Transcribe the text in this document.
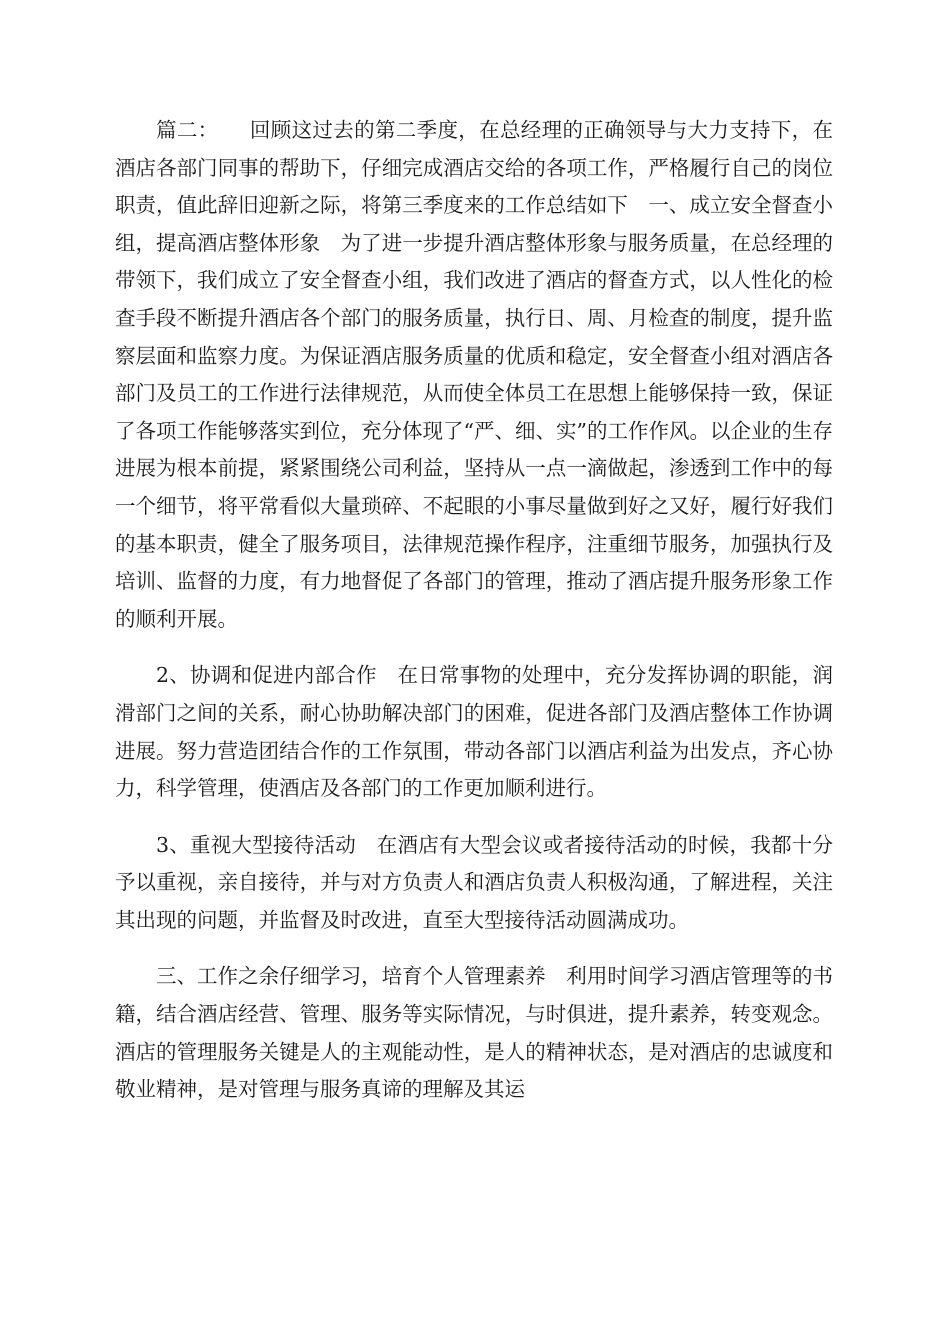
篇二：　　回顾这过去的第二季度，在总经理的正确领导与大力支持下，在酒店各部门同事的帮助下，仔细完成酒店交给的各项工作，严格履行自己的岗位职责，值此辞旧迎新之际，将第三季度来的工作总结如下　一、成立安全督查小组，提高酒店整体形象　为了进一步提升酒店整体形象与服务质量，在总经理的带领下，我们成立了安全督查小组，我们改进了酒店的督查方式，以人性化的检查手段不断提升酒店各个部门的服务质量，执行日、周、月检查的制度，提升监察层面和监察力度。为保证酒店服务质量的优质和稳定，安全督查小组对酒店各部门及员工的工作进行法律规范，从而使全体员工在思想上能够保持一致，保证了各项工作能够落实到位，充分体现了“严、细、实”的工作作风。以企业的生存进展为根本前提，紧紧围绕公司利益，坚持从一点一滴做起，渗透到工作中的每一个细节，将平常看似大量琐碎、不起眼的小事尽量做到好之又好，履行好我们的基本职责，健全了服务项目，法律规范操作程序，注重细节服务，加强执行及培训、监督的力度，有力地督促了各部门的管理，推动了酒店提升服务形象工作的顺利开展。

2、协调和促进内部合作　在日常事物的处理中，充分发挥协调的职能，润滑部门之间的关系，耐心协助解决部门的困难，促进各部门及酒店整体工作协调进展。努力营造团结合作的工作氛围，带动各部门以酒店利益为出发点，齐心协力，科学管理，使酒店及各部门的工作更加顺利进行。

3、重视大型接待活动　在酒店有大型会议或者接待活动的时候，我都十分予以重视，亲自接待，并与对方负责人和酒店负责人积极沟通，了解进程，关注其出现的问题，并监督及时改进，直至大型接待活动圆满成功。

三、工作之余仔细学习，培育个人管理素养　利用时间学习酒店管理等的书籍，结合酒店经营、管理、服务等实际情况，与时俱进，提升素养，转变观念。酒店的管理服务关键是人的主观能动性，是人的精神状态，是对酒店的忠诚度和敬业精神，是对管理与服务真谛的理解及其运
